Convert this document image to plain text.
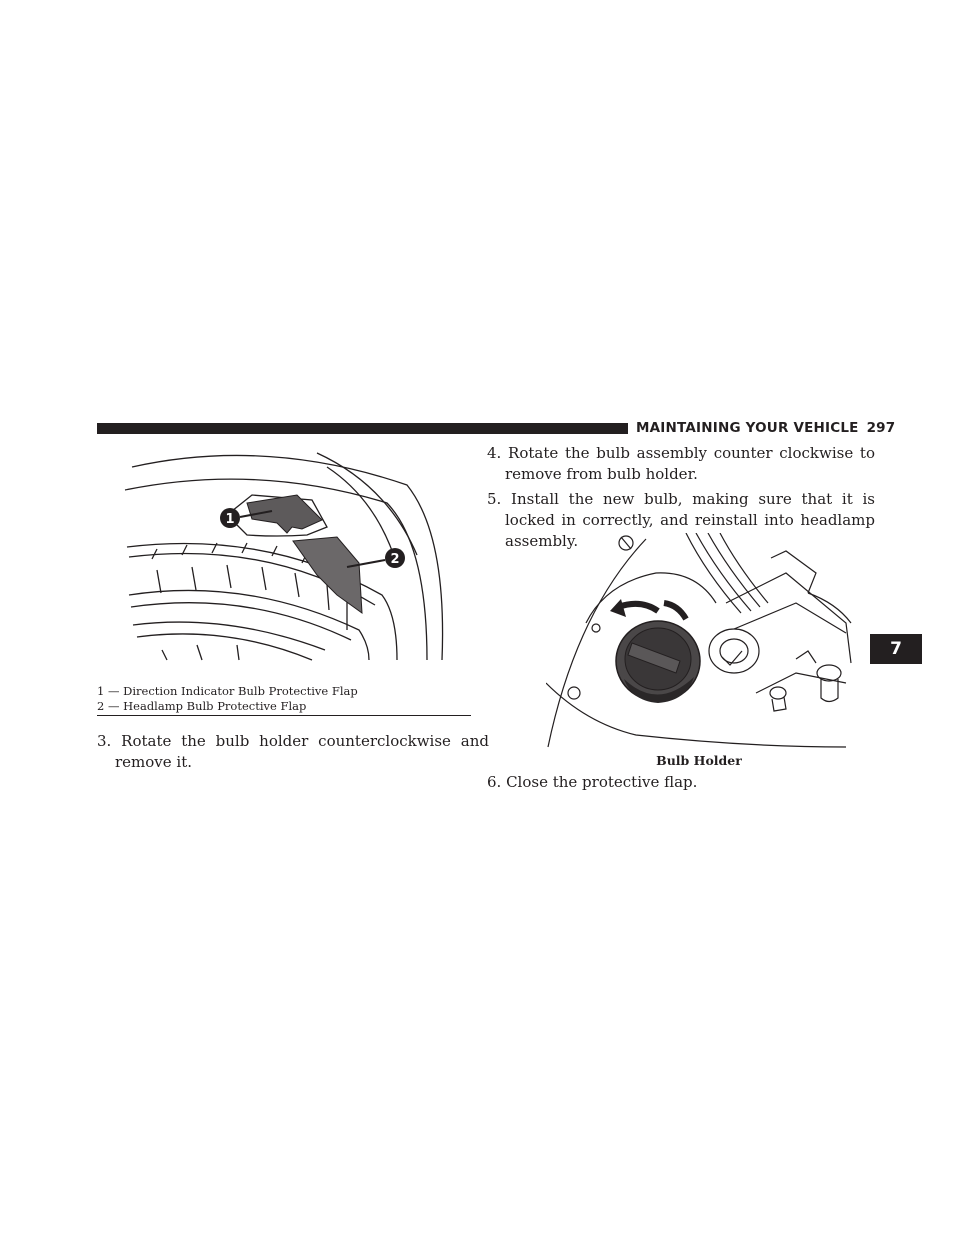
MAINTAINING YOUR VEHICLE 297
7
1
2
1 — Direction Indicator Bulb Protective Flap
2 — Headlamp Bulb Protective Flap
3. Rotate the bulb holder counterclockwise and remove it.
4. Rotate the bulb assembly counter clockwise to remove from bulb holder.
5. Install the new bulb, making sure that it is locked in correctly, and reinstall into headlamp assembly.
Bulb Holder
6. Close the protective flap.
